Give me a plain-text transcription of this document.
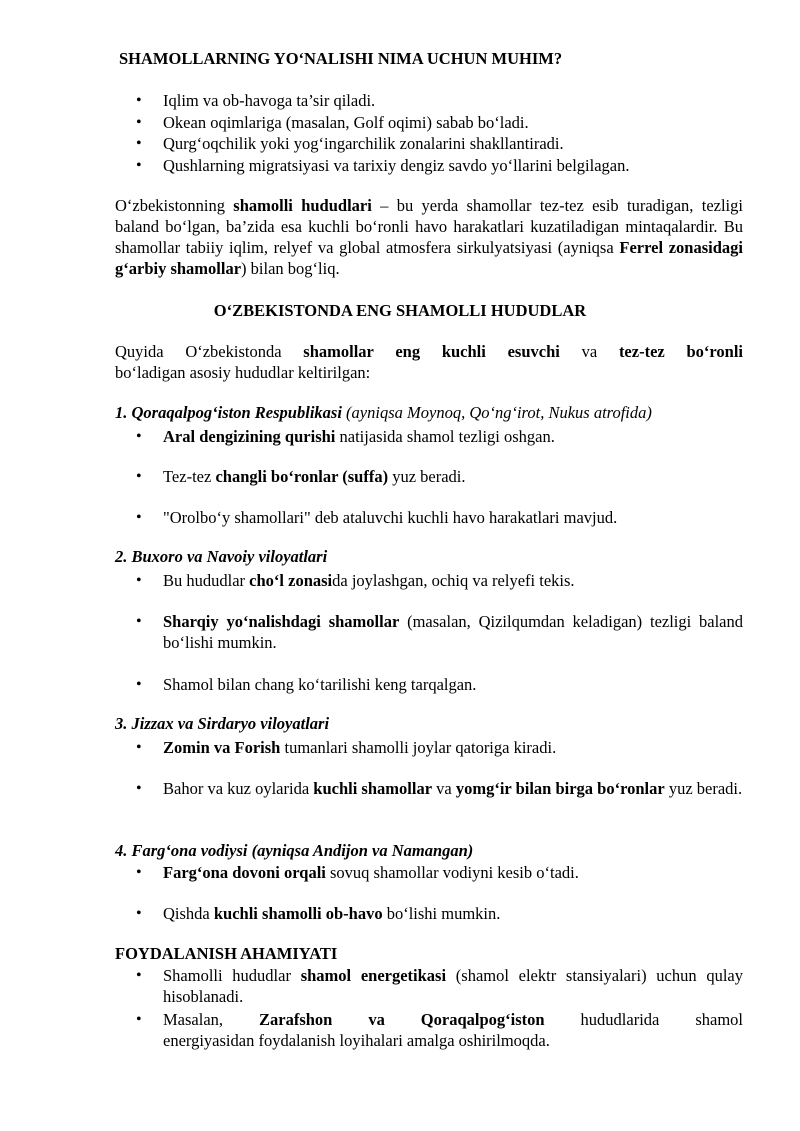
SHAMOLLARNING YO‘NALISHI NIMA UCHUN MUHIM?
• Iqlim va ob-havoga ta’sir qiladi.
• Okean oqimlariga (masalan, Golf oqimi) sabab bo‘ladi.
• Qurg‘oqchilik yoki yog‘ingarchilik zonalarini shakllantiradi.
• Qushlarning migratsiyasi va tarixiy dengiz savdo yo‘llarini belgilagan.
O‘zbekistonning shamolli hududlari – bu yerda shamollar tez-tez esib turadigan, tezligi baland bo‘lgan, ba’zida esa kuchli bo‘ronli havo harakatlari kuzatiladigan mintaqalardir. Bu shamollar tabiiy iqlim, relyef va global atmosfera sirkulyatsiyasi (ayniqsa Ferrel zonasidagi g‘arbiy shamollar) bilan bog‘liq.
O‘ZBEKISTONDA ENG SHAMOLLI HUDUDLAR
Quyida O‘zbekistonda shamollar eng kuchli esuvchi va tez-tez bo‘ronli
bo‘ladigan asosiy hududlar keltirilgan:
1. Qoraqalpog‘iston Respublikasi (ayniqsa Moynoq, Qo‘ng‘irot, Nukus atrofida)
• Aral dengizining qurishi natijasida shamol tezligi oshgan.
• Tez-tez changli bo‘ronlar (suffa) yuz beradi.
• "Orolbo‘y shamollari" deb ataluvchi kuchli havo harakatlari mavjud.
2. Buxoro va Navoiy viloyatlari
• Bu hududlar cho‘l zonasida joylashgan, ochiq va relyefi tekis.
• Sharqiy yo‘nalishdagi shamollar (masalan, Qizilqumdan keladigan) tezligi baland bo‘lishi mumkin.
• Shamol bilan chang ko‘tarilishi keng tarqalgan.
3. Jizzax va Sirdaryo viloyatlari
• Zomin va Forish tumanlari shamolli joylar qatoriga kiradi.
• Bahor va kuz oylarida kuchli shamollar va yomg‘ir bilan birga bo‘ronlar yuz beradi.
4. Farg‘ona vodiysi (ayniqsa Andijon va Namangan)
• Farg‘ona dovoni orqali sovuq shamollar vodiyni kesib o‘tadi.
• Qishda kuchli shamolli ob-havo bo‘lishi mumkin.
FOYDALANISH AHAMIYATI
• Shamolli hududlar shamol energetikasi (shamol elektr stansiyalari) uchun qulay hisoblanadi.
• Masalan, Zarafshon va Qoraqalpog‘iston hududlarida shamol
energiyasidan foydalanish loyihalari amalga oshirilmoqda.
